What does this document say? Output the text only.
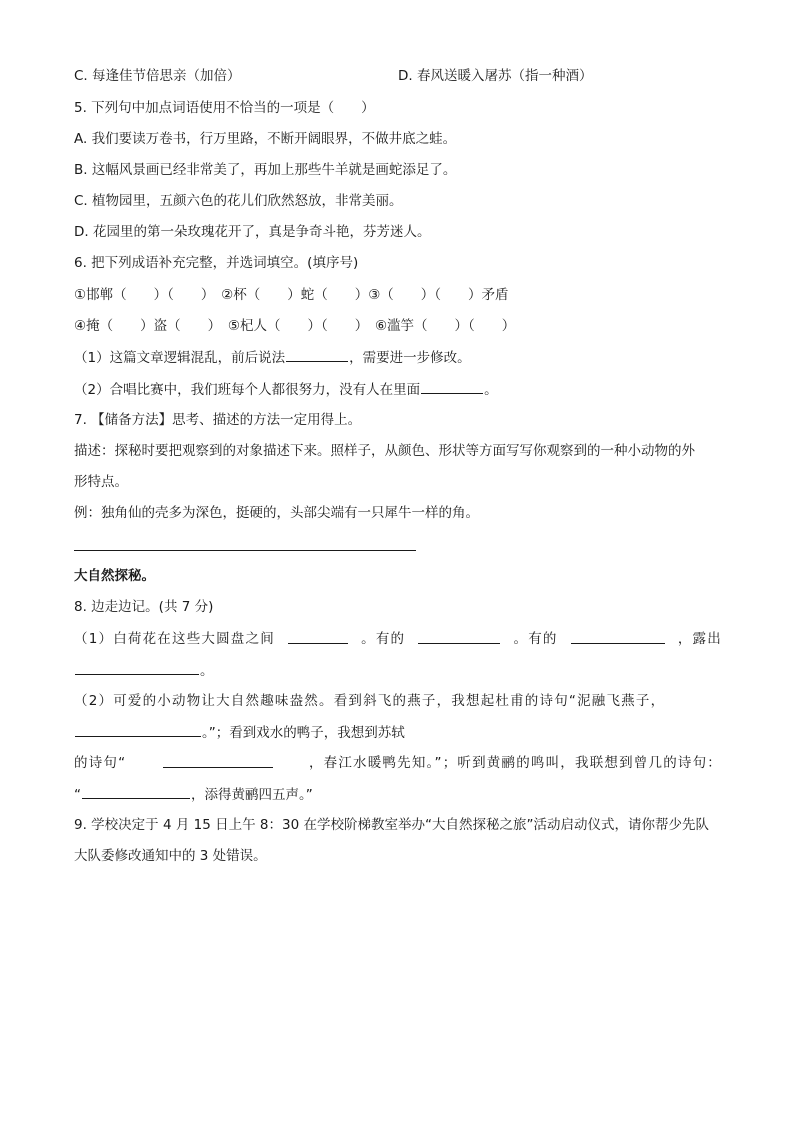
C. 每逢佳节倍思亲（加倍）	D. 春风送暖入屠苏（指一种酒）
5. 下列句中加点词语使用不恰当的一项是（　　）
A. 我们要读万卷书，行万里路，不断开阔眼界，不做井底之蛙。
B. 这幅风景画已经非常美了，再加上那些牛羊就是画蛇添足了。
C. 植物园里，五颜六色的花儿们欣然怒放，非常美丽。
D. 花园里的第一朵玫瑰花开了，真是争奇斗艳，芬芳迷人。
6. 把下列成语补充完整，并选词填空。(填序号)
①邯郸（　　）（　　）　②杯（　　）蛇（　　）③（　　）（　　）矛盾
④掩（　　）盗（　　）　⑤杞人（　　）（　　）　⑥滥竽（　　）（　　）
（1）这篇文章逻辑混乱，前后说法	，需要进一步修改。
（2）合唱比赛中，我们班每个人都很努力，没有人在里面	。
7. 【储备方法】思考、描述的方法一定用得上。
描述：探秘时要把观察到的对象描述下来。照样子，从颜色、形状等方面写写你观察到的一种小动物的外
形特点。
例：独角仙的壳多为深色，挺硬的，头部尖端有一只犀牛一样的角。
大自然探秘。
8. 边走边记。(共 7 分)
（1）白荷花在这些大圆盘之间	。有的	。有的	，露出
。
（2）可爱的小动物让大自然趣味盎然。看到斜飞的燕子，我想起杜甫的诗句“泥融飞燕子，
。”；看到戏水的鸭子，我想到苏轼
的诗句“	，春江水暖鸭先知。”；听到黄鹂的鸣叫，我联想到曾几的诗句：
“	，添得黄鹂四五声。”
9. 学校决定于 4 月 15 日上午 8：30 在学校阶梯教室举办“大自然探秘之旅”活动启动仪式，请你帮少先队
大队委修改通知中的 3 处错误。
